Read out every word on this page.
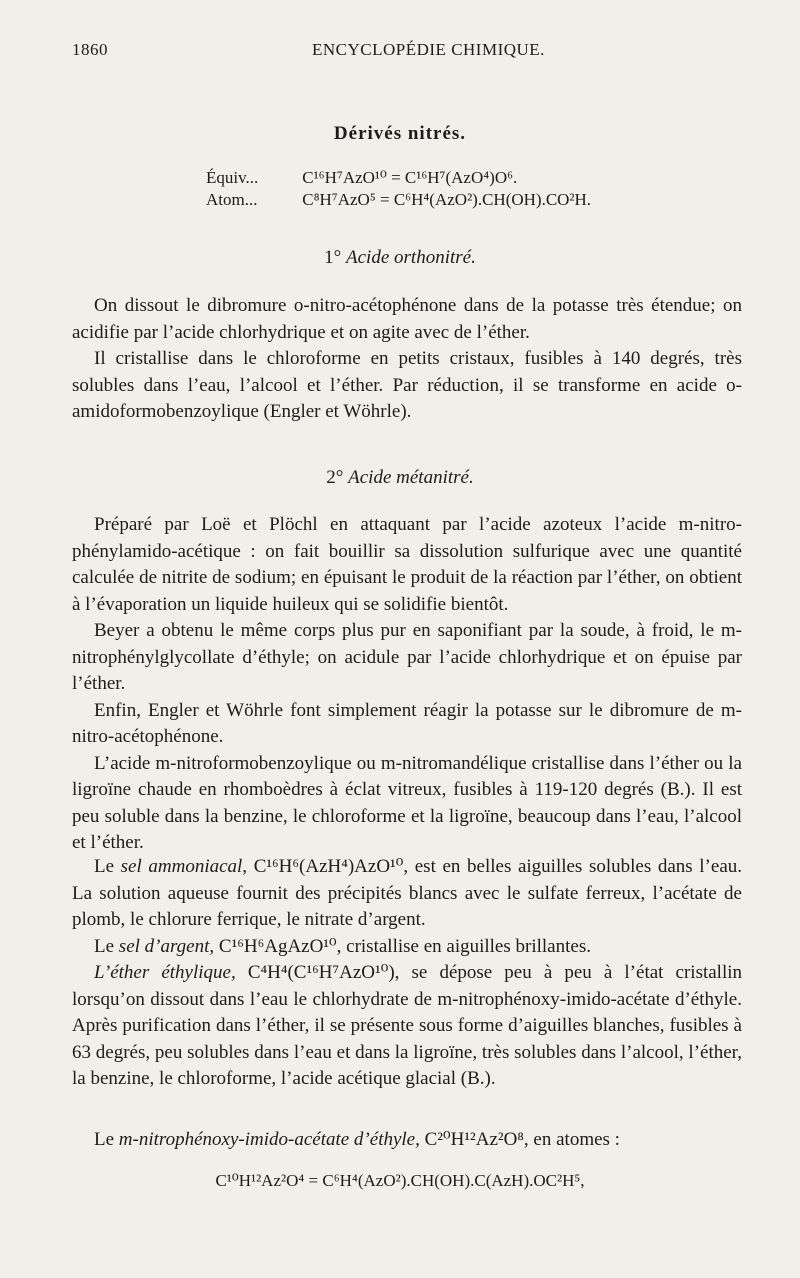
1860	ENCYCLOPÉDIE CHIMIQUE.
Dérivés nitrés.
Équiv...	C¹⁶H⁷AzO¹⁰ = C¹⁶H⁷(AzO⁴)O⁶.
Atom...	C⁸H⁷AzO⁵ = C⁶H⁴(AzO²).CH(OH).CO²H.
1° Acide orthonitré.

On dissout le dibromure o-nitro-acétophénone dans de la potasse très étendue; on acidifie par l’acide chlorhydrique et on agite avec de l’éther.

Il cristallise dans le chloroforme en petits cristaux, fusibles à 140 degrés, très solubles dans l’eau, l’alcool et l’éther. Par réduction, il se transforme en acide o-amidoformobenzoylique (Engler et Wöhrle).

2° Acide métanitré.

Préparé par Loë et Plöchl en attaquant par l’acide azoteux l’acide m-nitro-phénylamido-acétique : on fait bouillir sa dissolution sulfurique avec une quantité calculée de nitrite de sodium; en épuisant le produit de la réaction par l’éther, on obtient à l’évaporation un liquide huileux qui se solidifie bientôt.

Beyer a obtenu le même corps plus pur en saponifiant par la soude, à froid, le m-nitrophénylglycollate d’éthyle; on acidule par l’acide chlorhydrique et on épuise par l’éther.

Enfin, Engler et Wöhrle font simplement réagir la potasse sur le dibromure de m-nitro-acétophénone.

L’acide m-nitroformobenzoylique ou m-nitromandélique cristallise dans l’éther ou la ligroïne chaude en rhomboèdres à éclat vitreux, fusibles à 119-120 degrés (B.). Il est peu soluble dans la benzine, le chloroforme et la ligroïne, beaucoup dans l’eau, l’alcool et l’éther.

Le sel ammoniacal, C¹⁶H⁶(AzH⁴)AzO¹⁰, est en belles aiguilles solubles dans l’eau. La solution aqueuse fournit des précipités blancs avec le sulfate ferreux, l’acétate de plomb, le chlorure ferrique, le nitrate d’argent.

Le sel d’argent, C¹⁶H⁶AgAzO¹⁰, cristallise en aiguilles brillantes.

L’éther éthylique, C⁴H⁴(C¹⁶H⁷AzO¹⁰), se dépose peu à peu à l’état cristallin lorsqu’on dissout dans l’eau le chlorhydrate de m-nitrophénoxy-imido-acétate d’éthyle. Après purification dans l’éther, il se présente sous forme d’aiguilles blanches, fusibles à 63 degrés, peu solubles dans l’eau et dans la ligroïne, très solubles dans l’alcool, l’éther, la benzine, le chloroforme, l’acide acétique glacial (B.).

Le m-nitrophénoxy-imido-acétate d’éthyle, C²⁰H¹²Az²O⁸, en atomes :

C¹⁰H¹²Az²O⁴ = C⁶H⁴(AzO²).CH(OH).C(AzH).OC²H⁵,
